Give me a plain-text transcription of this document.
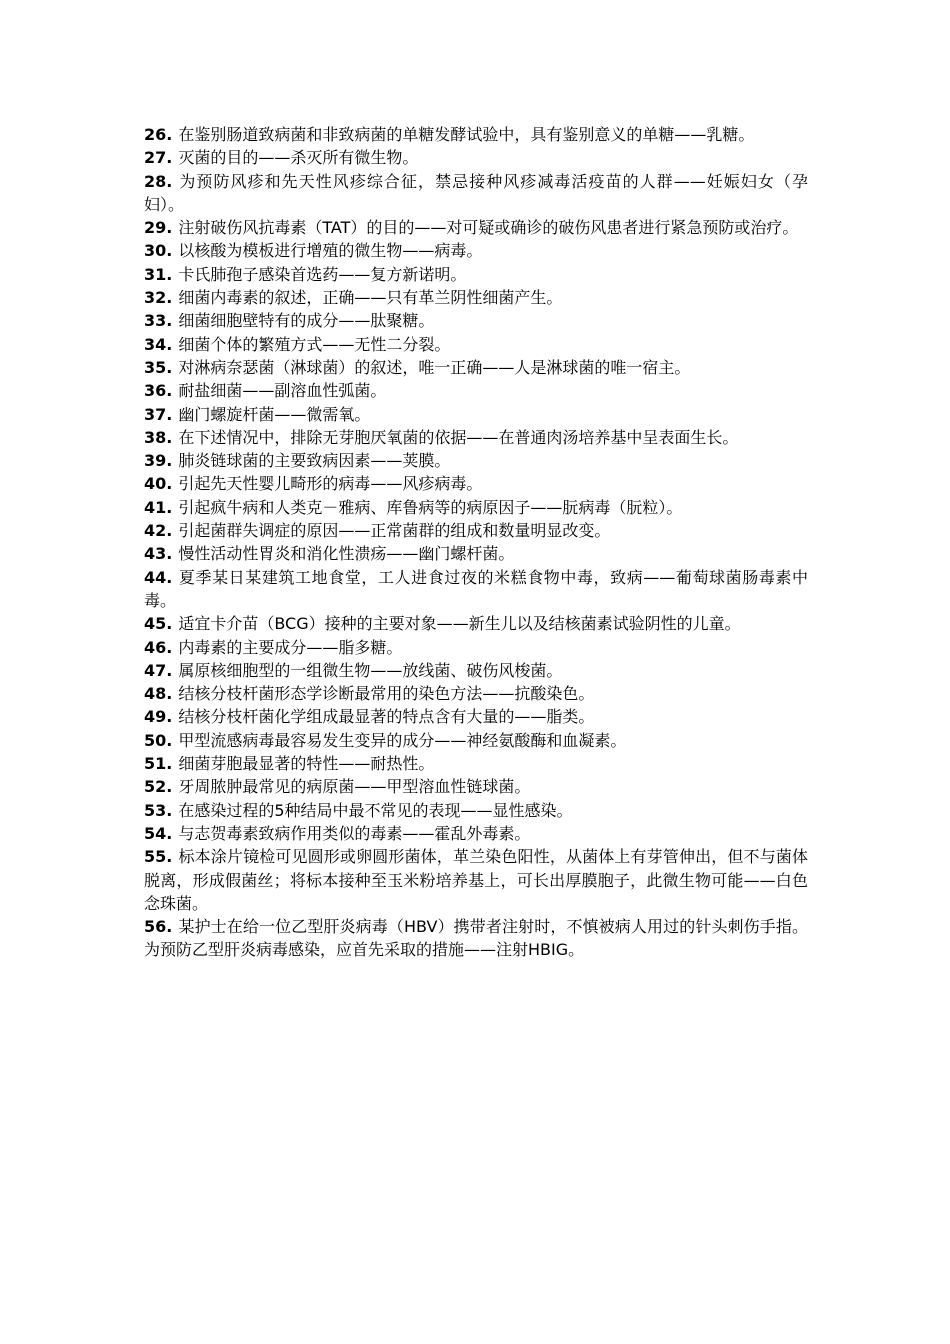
26. 在鉴别肠道致病菌和非致病菌的单糖发酵试验中，具有鉴别意义的单糖——乳糖。

27. 灭菌的目的——杀灭所有微生物。

28. 为预防风疹和先天性风疹综合征，禁忌接种风疹减毒活疫苗的人群——妊娠妇女（孕妇）。

29. 注射破伤风抗毒素（TAT）的目的——对可疑或确诊的破伤风患者进行紧急预防或治疗。

30. 以核酸为模板进行增殖的微生物——病毒。

31. 卡氏肺孢子感染首选药——复方新诺明。

32. 细菌内毒素的叙述，正确——只有革兰阴性细菌产生。

33. 细菌细胞壁特有的成分——肽聚糖。

34. 细菌个体的繁殖方式——无性二分裂。

35. 对淋病奈瑟菌（淋球菌）的叙述，唯一正确——人是淋球菌的唯一宿主。

36. 耐盐细菌——副溶血性弧菌。

37. 幽门螺旋杆菌——微需氧。

38. 在下述情况中，排除无芽胞厌氧菌的依据——在普通肉汤培养基中呈表面生长。

39. 肺炎链球菌的主要致病因素——荚膜。

40. 引起先天性婴儿畸形的病毒——风疹病毒。

41. 引起疯牛病和人类克－雅病、库鲁病等的病原因子——朊病毒（朊粒）。

42. 引起菌群失调症的原因——正常菌群的组成和数量明显改变。

43. 慢性活动性胃炎和消化性溃疡——幽门螺杆菌。

44. 夏季某日某建筑工地食堂，工人进食过夜的米糕食物中毒，致病——葡萄球菌肠毒素中毒。

45. 适宜卡介苗（BCG）接种的主要对象——新生儿以及结核菌素试验阴性的儿童。

46. 内毒素的主要成分——脂多糖。

47. 属原核细胞型的一组微生物——放线菌、破伤风梭菌。

48. 结核分枝杆菌形态学诊断最常用的染色方法——抗酸染色。

49. 结核分枝杆菌化学组成最显著的特点含有大量的——脂类。

50. 甲型流感病毒最容易发生变异的成分——神经氨酸酶和血凝素。

51. 细菌芽胞最显著的特性——耐热性。

52. 牙周脓肿最常见的病原菌——甲型溶血性链球菌。

53. 在感染过程的5种结局中最不常见的表现——显性感染。

54. 与志贺毒素致病作用类似的毒素——霍乱外毒素。

55. 标本涂片镜检可见圆形或卵圆形菌体，革兰染色阳性，从菌体上有芽管伸出，但不与菌体脱离，形成假菌丝；将标本接种至玉米粉培养基上，可长出厚膜胞子，此微生物可能——白色念珠菌。

56. 某护士在给一位乙型肝炎病毒（HBV）携带者注射时，不慎被病人用过的针头刺伤手指。为预防乙型肝炎病毒感染，应首先采取的措施——注射HBIG。
